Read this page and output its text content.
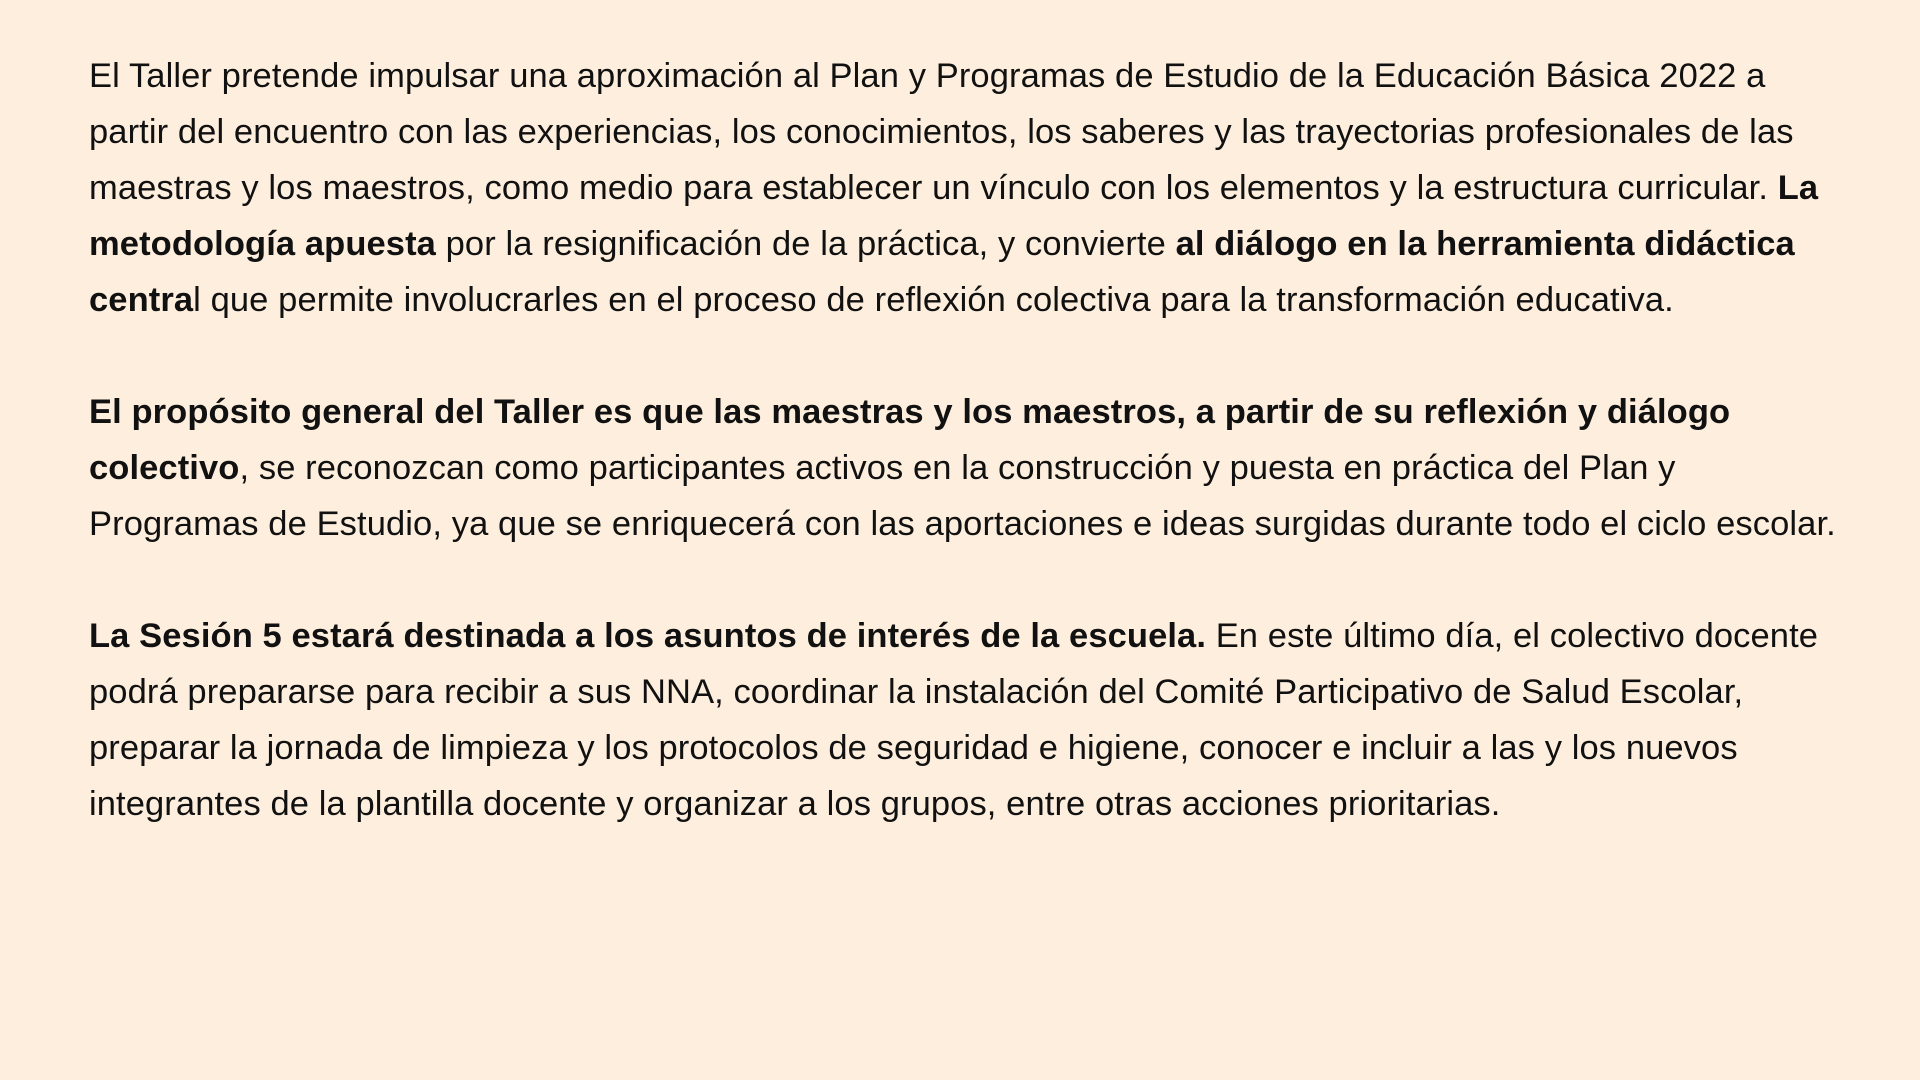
El Taller pretende impulsar una aproximación al Plan y Programas de Estudio de la Educación Básica 2022 a partir del encuentro con las experiencias, los conocimientos, los saberes y las trayectorias profesionales de las maestras y los maestros, como medio para establecer un vínculo con los elementos y la estructura curricular. La metodología apuesta por la resignificación de la práctica, y convierte al diálogo en la herramienta didáctica central que permite involucrarles en el proceso de reflexión colectiva para la transformación educativa.

El propósito general del Taller es que las maestras y los maestros, a partir de su reflexión y diálogo colectivo, se reconozcan como participantes activos en la construcción y puesta en práctica del Plan y Programas de Estudio, ya que se enriquecerá con las aportaciones e ideas surgidas durante todo el ciclo escolar.

La Sesión 5 estará destinada a los asuntos de interés de la escuela. En este último día, el colectivo docente podrá prepararse para recibir a sus NNA, coordinar la instalación del Comité Participativo de Salud Escolar, preparar la jornada de limpieza y los protocolos de seguridad e higiene, conocer e incluir a las y los nuevos integrantes de la plantilla docente y organizar a los grupos, entre otras acciones prioritarias.
